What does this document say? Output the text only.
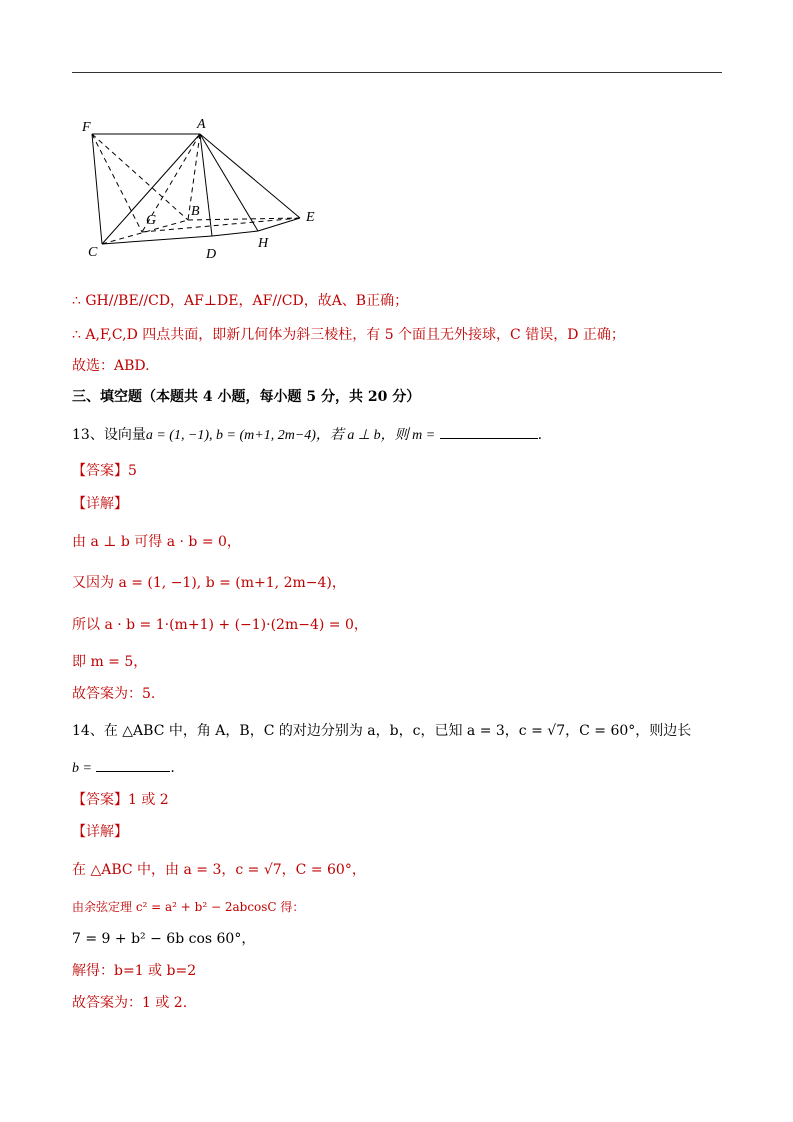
F	A
G
B	E
C	D
H
∴ GH//BE//CD，AF⊥DE，AF//CD，故A、B正确；
∴ A,F,C,D 四点共面，即新几何体为斜三棱柱，有 5 个面且无外接球，C 错误，D 正确；
故选：ABD.
三、填空题（本题共 4 小题，每小题 5 分，共 20 分）
13、设向量a = (1, −1), b = (m+1, 2m−4)，若 a ⊥ b，则 m =	.
【答案】5
【详解】
由 a ⊥ b 可得 a · b = 0，
又因为 a = (1, −1), b = (m+1, 2m−4)，
所以 a · b = 1·(m+1) + (−1)·(2m−4) = 0，
即 m = 5，
故答案为：5.
14、在 △ABC 中，角 A，B，C 的对边分别为 a，b，c，已知 a = 3，c = √7，C = 60°，则边长
b =	.
【答案】1 或 2
【详解】
在 △ABC 中，由 a = 3，c = √7，C = 60°，
由余弦定理 c² = a² + b² − 2abcosC 得：
7 = 9 + b² − 6b cos 60°，
解得：b=1 或 b=2
故答案为：1 或 2.
